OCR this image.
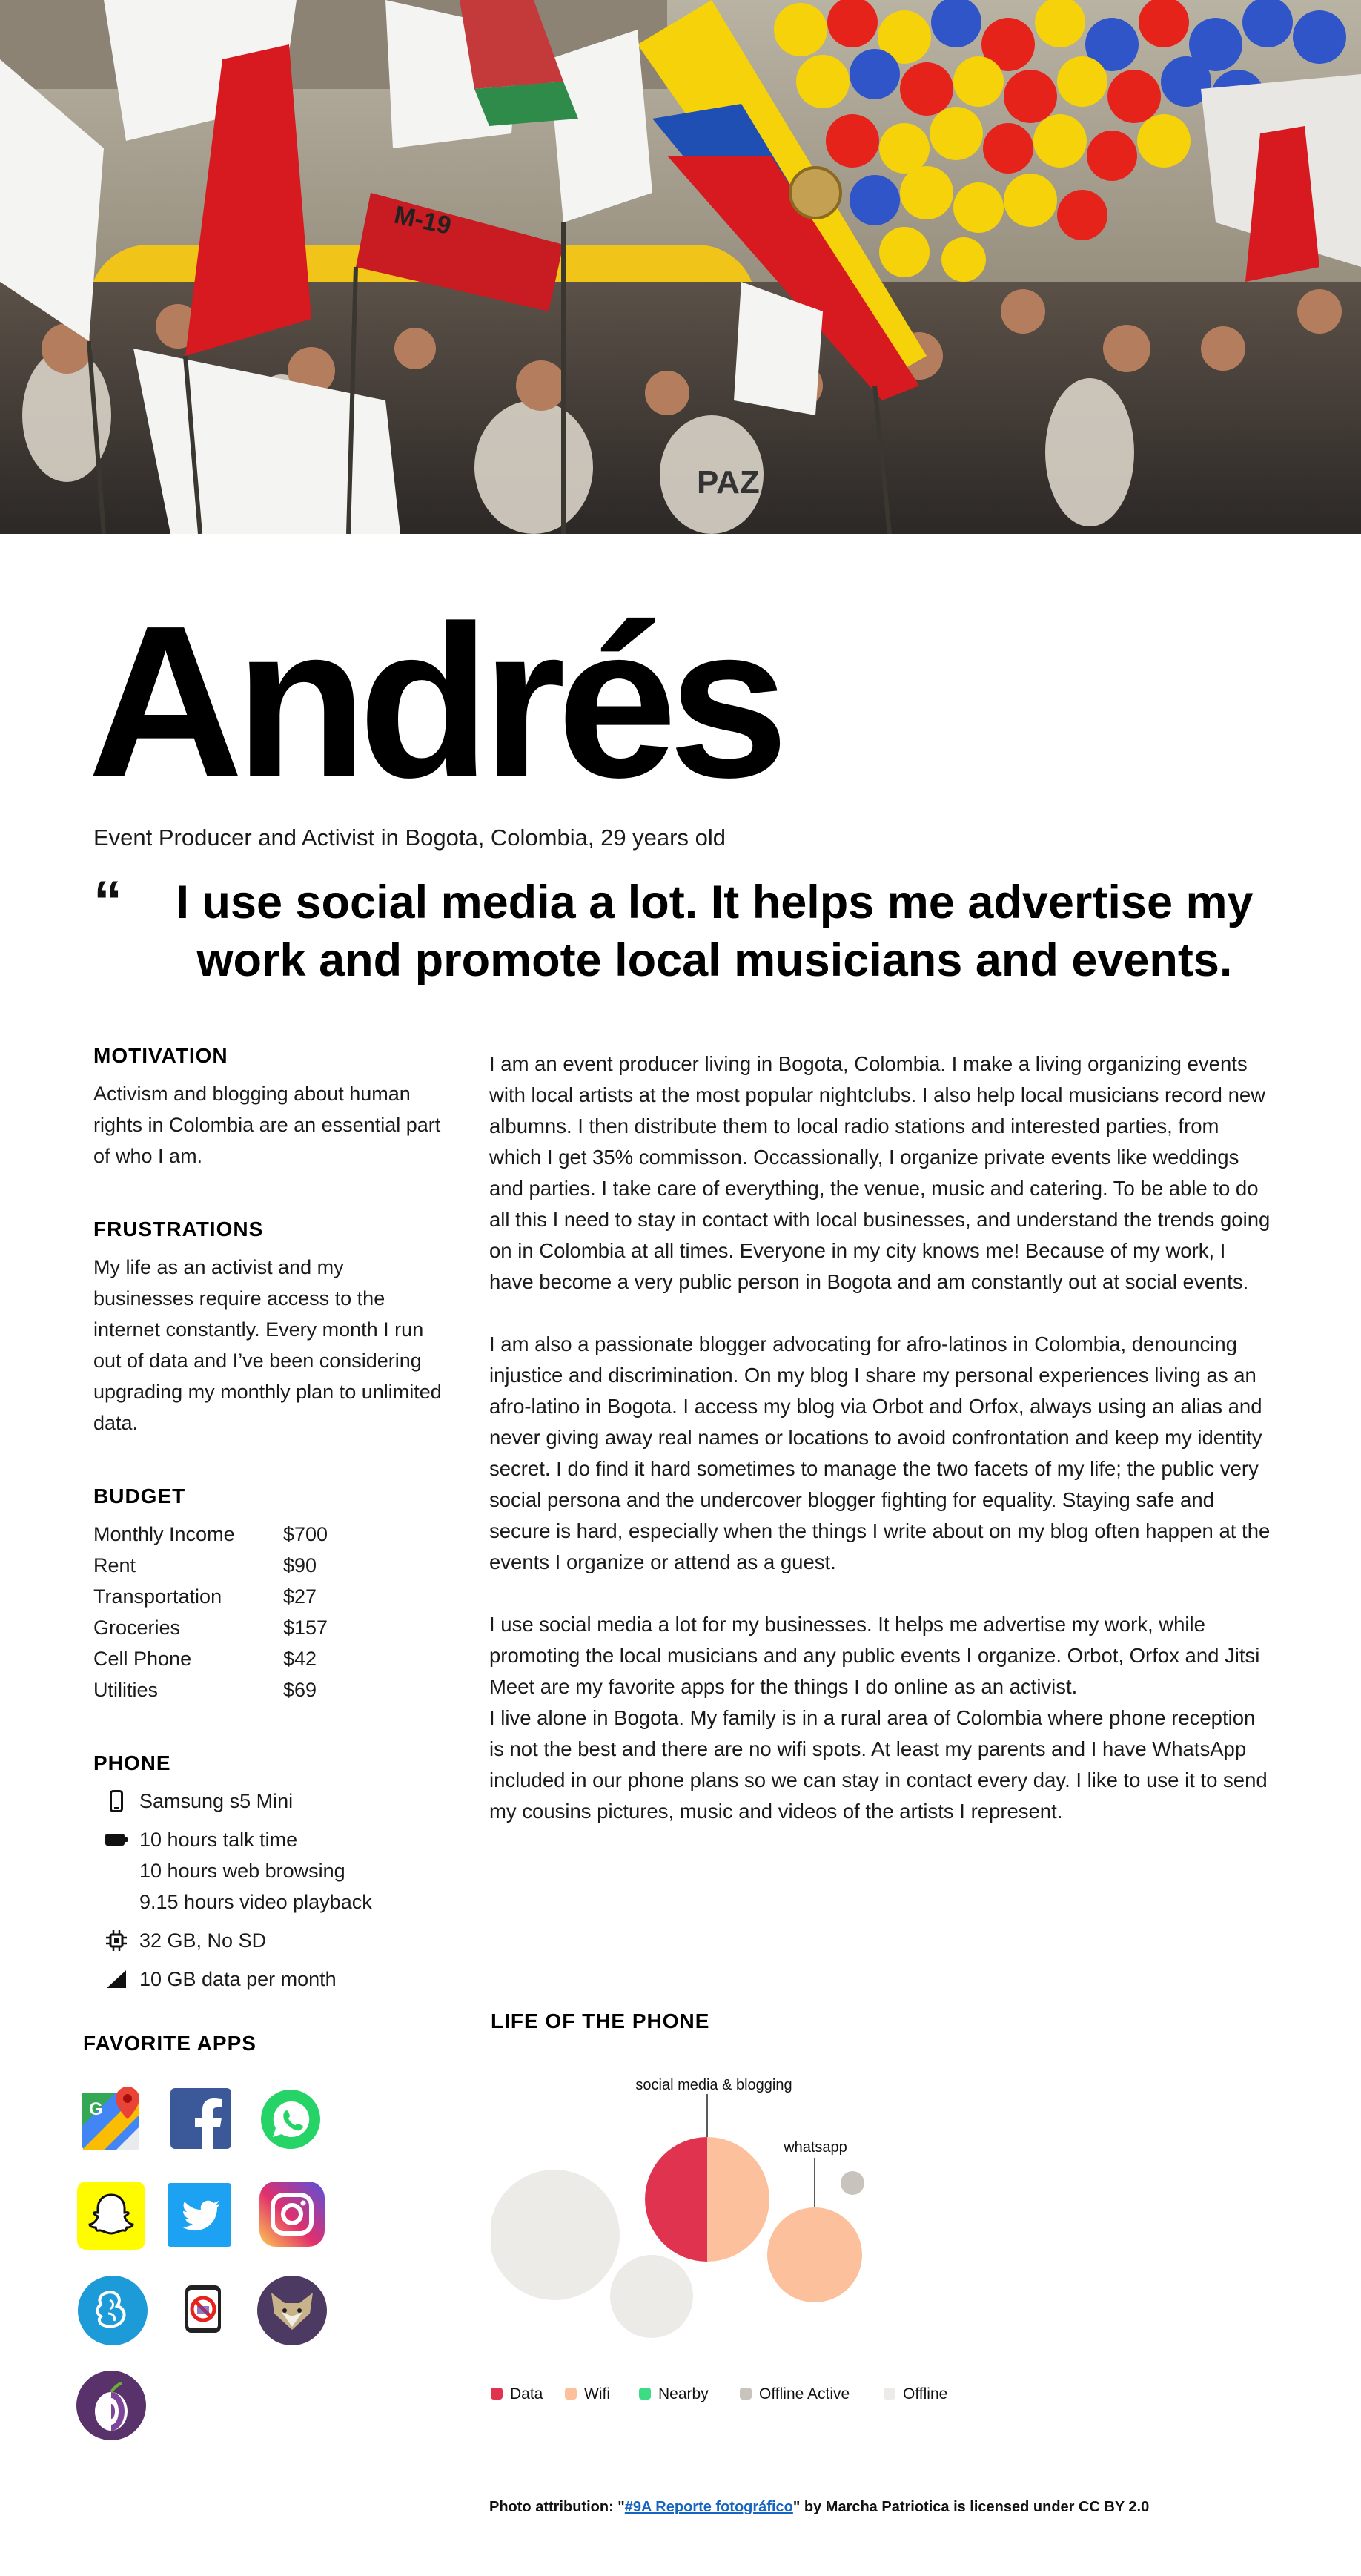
M-19
PAZ
Andrés

Event Producer and Activist in Bogota, Colombia, 29 years old

“	I use social media a lot. It helps me advertise my work and promote local musicians and events.

MOTIVATION

Activism and blogging about human rights in Colombia are an essential part of who I am.

FRUSTRATIONS

My life as an activist and my businesses require access to the internet constantly. Every month I run out of data and I’ve been considering upgrading my monthly plan to unlimited data.

BUDGET
Monthly Income	$700
Rent	$90
Transportation	$27
Groceries	$157
Cell Phone	$42
Utilities	$69
PHONE
Samsung s5 Mini
10 hours talk time
10 hours web browsing
9.15 hours video playback
32 GB, No SD
10 GB data per month
FAVORITE APPS
G

I am an event producer living in Bogota, Colombia. I make a living organizing events with local artists at the most popular nightclubs. I also help local musicians record new albumns. I then distribute them to local radio stations and interested parties, from which I get 35% commisson. Occassionally, I organize private events like weddings and parties. I take care of everything, the venue, music and catering. To be able to do all this I need to stay in contact with local businesses, and understand the trends going on in Colombia at all times. Everyone in my city knows me! Because of my work, I have become a very public person in Bogota and am constantly out at social events.

I am also a passionate blogger advocating for afro-latinos in Colombia, denouncing injustice and discrimination. On my blog I share my personal experiences living as an afro-latino in Bogota. I access my blog via Orbot and Orfox, always using an alias and never giving away real names or locations to avoid confrontation and keep my identity secret. I do find it hard sometimes to manage the two facets of my life; the public very social persona and the undercover blogger fighting for equality. Staying safe and secure is hard, especially when the things I write about on my blog often happen at the events I organize or attend as a guest.

I use social media a lot for my businesses. It helps me advertise my work, while promoting the local musicians and any public events I organize. Orbot, Orfox and Jitsi Meet are my favorite apps for the things I do online as an activist.

I live alone in Bogota. My family is in a rural area of Colombia where phone reception is not the best and there are no wifi spots. At least my parents and I have WhatsApp included in our phone plans so we can stay in contact every day. I like to use it to send my cousins pictures, music and videos of the artists I represent.

LIFE OF THE PHONE
social media & blogging
whatsapp
Data	Wifi	Nearby	Offline Active	Offline
Photo attribution: "#9A Reporte fotográfico" by Marcha Patriotica is licensed under CC BY 2.0
